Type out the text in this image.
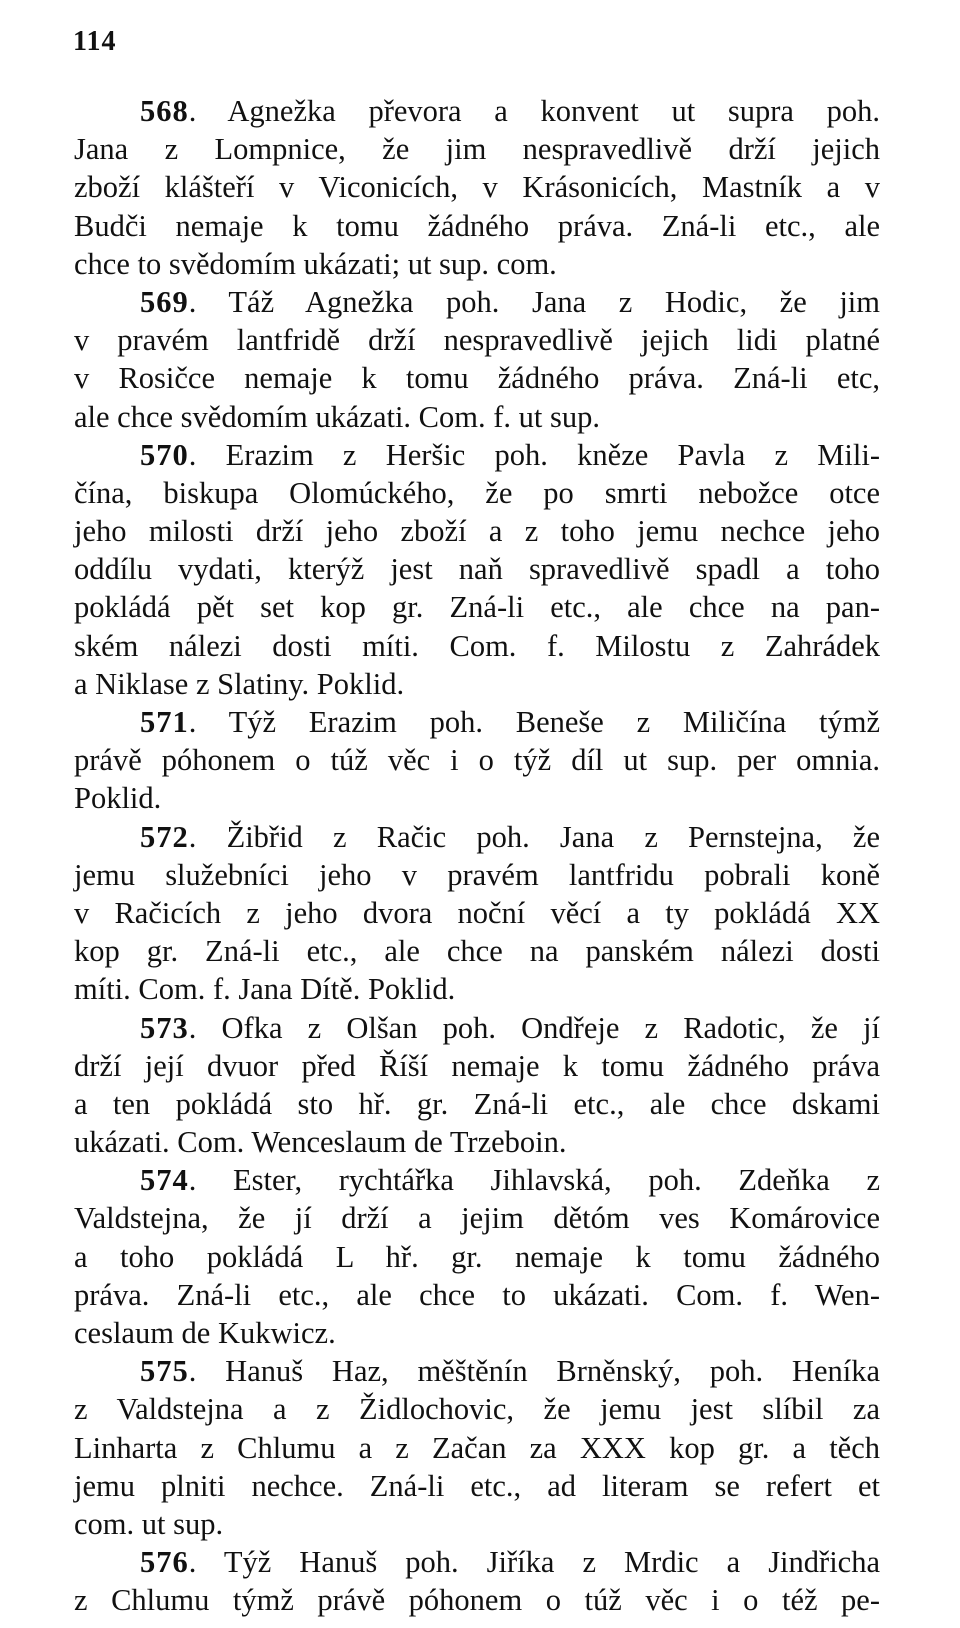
114
568. Agnežka převora a konvent ut supra poh.
Jana z Lompnice, že jim nespravedlivě drží jejich
zboží klášteří v Viconicích, v Krásonicích, Mastník a v
Budči nemaje k tomu žádného práva. Zná-li etc., ale
chce to svědomím ukázati; ut sup. com.
569. Táž Agnežka poh. Jana z Hodic, že jim
v pravém lantfridě drží nespravedlivě jejich lidi platné
v Rosičce nemaje k tomu žádného práva. Zná-li etc,
ale chce svědomím ukázati. Com. f. ut sup.
570. Erazim z Heršic poh. kněze Pavla z Mili-
čína, biskupa Olomúckého, že po smrti nebožce otce
jeho milosti drží jeho zboží a z toho jemu nechce jeho
oddílu vydati, kterýž jest naň spravedlivě spadl a toho
pokládá pět set kop gr. Zná-li etc., ale chce na pan-
ském nálezi dosti míti. Com. f. Milostu z Zahrádek
a Niklase z Slatiny. Poklid.
571. Týž Erazim poh. Beneše z Miličína týmž
právě póhonem o túž věc i o týž díl ut sup. per omnia.
Poklid.
572. Žibřid z Račic poh. Jana z Pernstejna, že
jemu služebníci jeho v pravém lantfridu pobrali koně
v Račicích z jeho dvora noční věcí a ty pokládá XX
kop gr. Zná-li etc., ale chce na panském nálezi dosti
míti. Com. f. Jana Dítě. Poklid.
573. Ofka z Olšan poh. Ondřeje z Radotic, že jí
drží její dvuor před Říší nemaje k tomu žádného práva
a ten pokládá sto hř. gr. Zná-li etc., ale chce dskami
ukázati. Com. Wenceslaum de Trzeboin.
574. Ester, rychtářka Jihlavská, poh. Zdeňka z
Valdstejna, že jí drží a jejim dětóm ves Komárovice
a toho pokládá L hř. gr. nemaje k tomu žádného
práva. Zná-li etc., ale chce to ukázati. Com. f. Wen-
ceslaum de Kukwicz.
575. Hanuš Haz, měštěnín Brněnský, poh. Heníka
z Valdstejna a z Židlochovic, že jemu jest slíbil za
Linharta z Chlumu a z Začan za XXX kop gr. a těch
jemu plniti nechce. Zná-li etc., ad literam se refert et
com. ut sup.
576. Týž Hanuš poh. Jiříka z Mrdic a Jindřicha
z Chlumu týmž právě póhonem o túž věc i o též pe-
